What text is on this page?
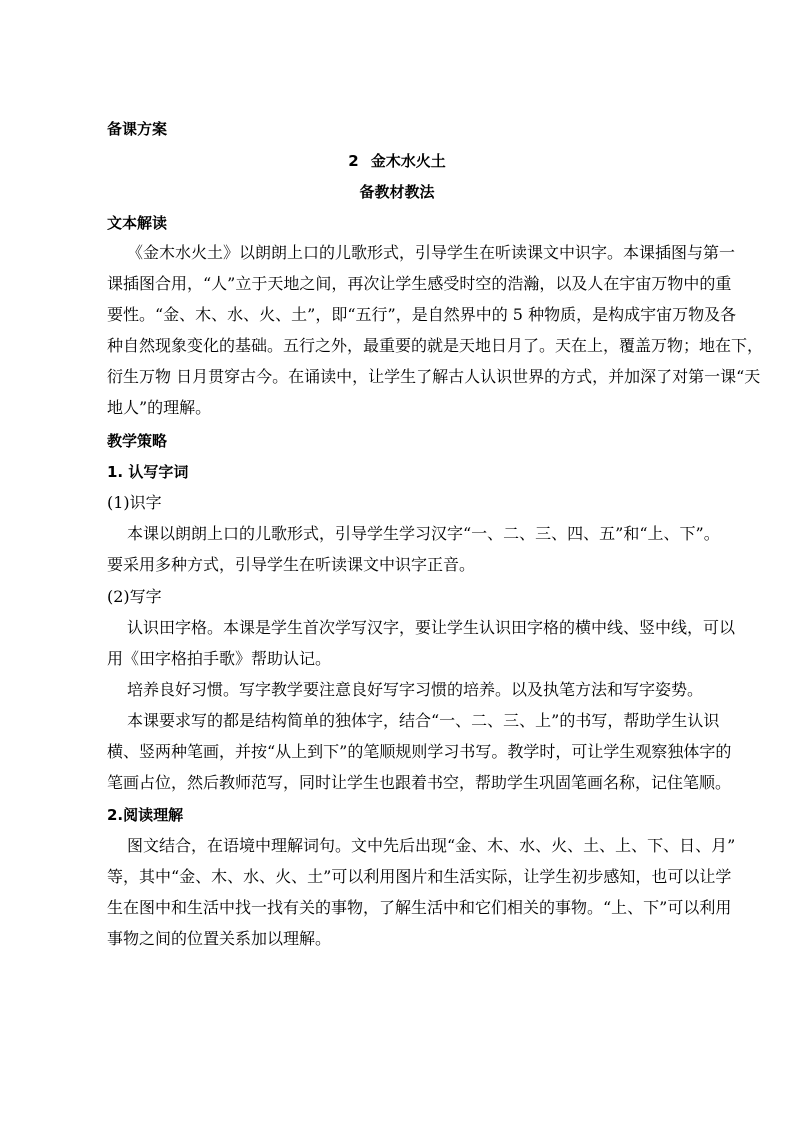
备课方案
2 金木水火土
备教材教法
文本解读
《金木水火土》以朗朗上口的儿歌形式，引导学生在听读课文中识字。本课插图与第一
课插图合用，“人”立于天地之间，再次让学生感受时空的浩瀚，以及人在宇宙万物中的重
要性。“金、木、水、火、土”，即“五行”，是自然界中的 5 种物质，是构成宇宙万物及各
种自然现象变化的基础。五行之外，最重要的就是天地日月了。天在上，覆盖万物；地在下，
衍生万物 日月贯穿古今。在诵读中，让学生了解古人认识世界的方式，并加深了对第一课“天
地人”的理解。
教学策略
1. 认写字词
(1)识字
本课以朗朗上口的儿歌形式，引导学生学习汉字“一、二、三、四、五”和“上、下”。
要采用多种方式，引导学生在听读课文中识字正音。
(2)写字
认识田字格。本课是学生首次学写汉字，要让学生认识田字格的横中线、竖中线，可以
用《田字格拍手歌》帮助认记。
培养良好习惯。写字教学要注意良好写字习惯的培养。以及执笔方法和写字姿势。
本课要求写的都是结构简单的独体字，结合“一、二、三、上”的书写，帮助学生认识
横、竖两种笔画，并按“从上到下”的笔顺规则学习书写。教学时，可让学生观察独体字的
笔画占位，然后教师范写，同时让学生也跟着书空，帮助学生巩固笔画名称，记住笔顺。
2.阅读理解
图文结合，在语境中理解词句。文中先后出现“金、木、水、火、土、上、下、日、月”
等，其中“金、木、水、火、土”可以利用图片和生活实际，让学生初步感知，也可以让学
生在图中和生活中找一找有关的事物，了解生活中和它们相关的事物。“上、下”可以利用
事物之间的位置关系加以理解。
